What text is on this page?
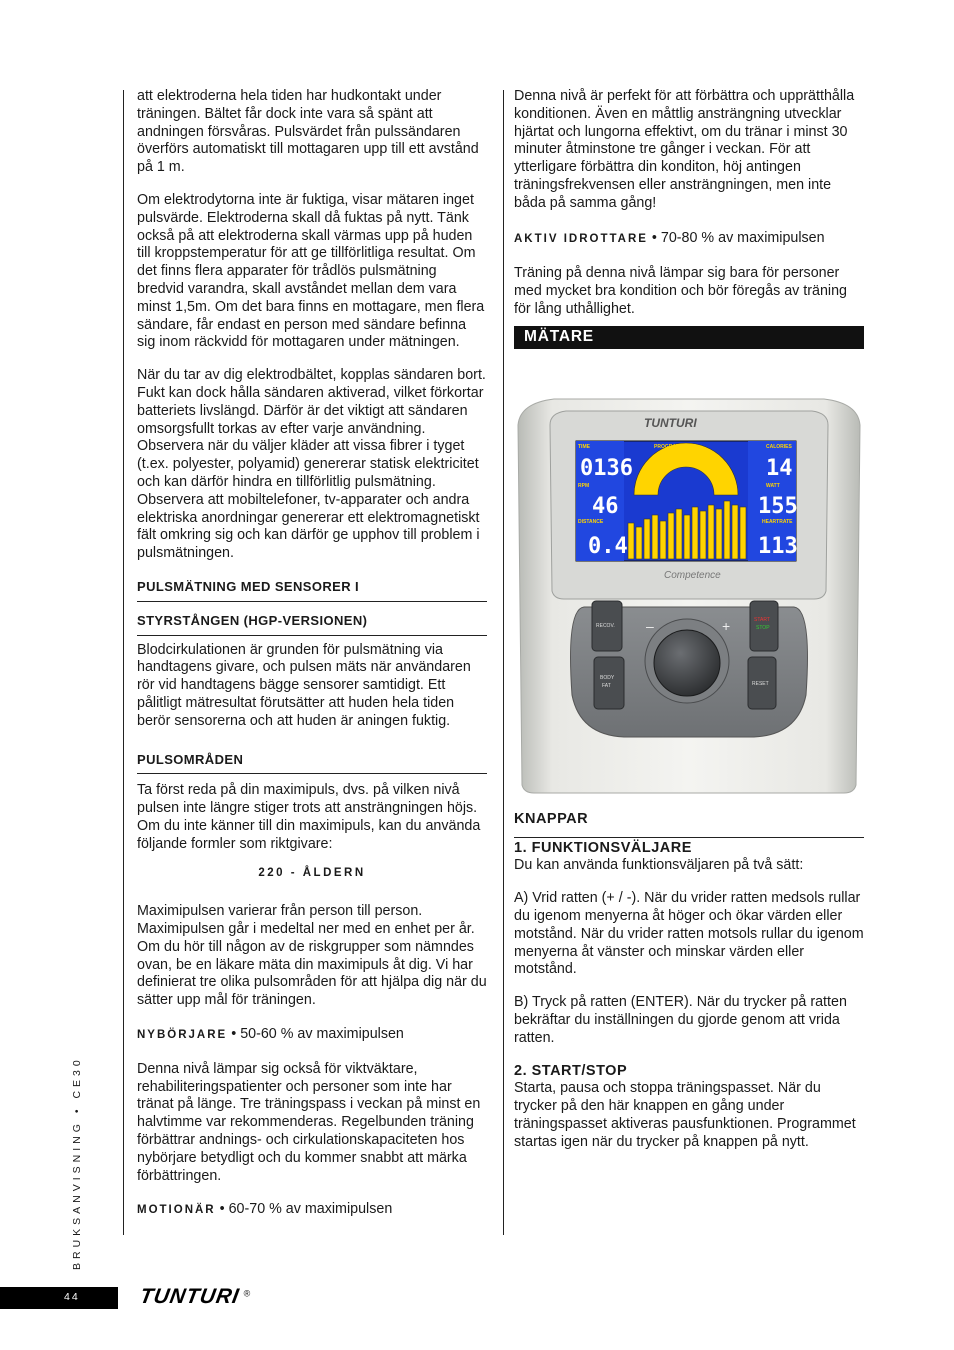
att elektroderna hela tiden har hudkontakt under träningen. Bältet får dock inte vara så spänt att andningen försvåras. Pulsvärdet från pulssändaren överförs automatiskt till mottagaren upp till ett avstånd på 1 m.

Om elektrodytorna inte är fuktiga, visar mätaren inget pulsvärde. Elektroderna skall då fuktas på nytt. Tänk också på att elektroderna skall värmas upp på huden till kroppstemperatur för att ge tillförlitliga resultat. Om det finns flera apparater för trådlös pulsmätning bredvid varandra, skall avståndet mellan dem vara minst 1,5m. Om det bara finns en mottagare, men flera sändare, får endast en person med sändare befinna sig inom räckvidd för mottagaren under mätningen.

När du tar av dig elektrodbältet, kopplas sändaren bort. Fukt kan dock hålla sändaren aktiverad, vilket förkortar batteriets livslängd. Därför är det viktigt att sändaren omsorgsfullt torkas av efter varje användning. Observera när du väljer kläder att vissa fibrer i tyget (t.ex. polyester, polyamid) genererar statisk elektricitet och kan därför hindra en tillförlitlig pulsmätning. Observera att mobiltelefoner, tv-apparater och andra elektriska anordningar genererar ett elektromagnetiskt fält omkring sig och kan därför ge upphov till problem i pulsmätningen.

PULSMÄTNING MED SENSORER I
STYRSTÅNGEN (HGP-VERSIONEN)

Blodcirkulationen är grunden för pulsmätning via handtagens givare, och pulsen mäts när användaren rör vid handtagens bägge sensorer samtidigt. Ett pålitligt mätresultat förutsätter att huden hela tiden berör sensorerna och att huden är aningen fuktig.

PULSOMRÅDEN

Ta först reda på din maximipuls, dvs. på vilken nivå pulsen inte längre stiger trots att ansträngningen höjs. Om du inte känner till din maximipuls, kan du använda följande formler som riktgivare:

220 - ÅLDERN

Maximipulsen varierar från person till person. Maximipulsen går i medeltal ner med en enhet per år. Om du hör till någon av de riskgrupper som nämndes ovan, be en läkare mäta din maximipuls åt dig. Vi har definierat tre olika pulsområden för att hjälpa dig när du sätter upp mål för träningen.

NYBÖRJARE • 50-60 % av maximipulsen

Denna nivå lämpar sig också för viktväktare, rehabiliteringspatienter och personer som inte har tränat på länge. Tre träningspass i veckan på minst en halvtimme var rekommenderas. Regelbunden träning förbättrar andnings- och cirkulationskapaciteten hos nybörjare betydligt och du kommer snabbt att märka förbättringen.

MOTIONÄR • 60-70 % av maximipulsen

Denna nivå är perfekt för att förbättra och upprätthålla konditionen. Även en måttlig ansträngning utvecklar hjärtat och lungorna effektivt, om du tränar i minst 30 minuter åtminstone tre gånger i veckan. För att ytterligare förbättra din konditon, höj antingen träningsfrekvensen eller ansträngningen, men inte båda på samma gång!

AKTIV IDROTTARE • 70-80 % av maximipulsen

Träning på denna nivå lämpar sig bara för personer med mycket bra kondition och bör föregås av träning för lång uthållighet.

MÄTARE
TUNTURI
TIME	PROGRAM	CALORIES
RPM	WATT
DISTANCE	HEARTRATE
0136
46
0.4
14
155
113
Competence
RECOV.
BODY
FAT
START
STOP
RESET
–	+
KNAPPAR
1. FUNKTIONSVÄLJARE

Du kan använda funktionsväljaren på två sätt:

A) Vrid ratten (+ / -). När du vrider ratten medsols rullar du igenom menyerna åt höger och ökar värden eller motstånd. När du vrider ratten motsols rullar du igenom menyerna åt vänster och minskar värden eller motstånd.

B) Tryck på ratten (ENTER). När du trycker på ratten bekräftar du inställningen du gjorde genom att vrida ratten.

2. START/STOP

Starta, pausa och stoppa träningspasset. När du trycker på den här knappen en gång under träningspasset aktiveras pausfunktionen. Programmet startas igen när du trycker på knappen på nytt.

BRUKSANVISNING • CE30
44	TUNTURI ®
